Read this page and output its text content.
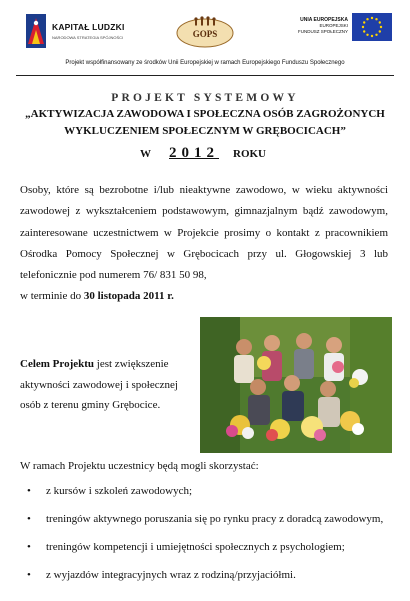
KAPITAŁ LUDZKI
NARODOWA STRATEGIA SPÓJNOŚCI	GOPS
UNIA EUROPEJSKA
EUROPEJSKI
FUNDUSZ SPOŁECZNY
Projekt współfinansowany ze środków Unii Europejskiej w ramach Europejskiego Funduszu Społecznego
PROJEKT SYSTEMOWY
„AKTYWIZACJA ZAWODOWA I SPOŁECZNA OSÓB ZAGROŻONYCH
WYKLUCZENIEM SPOŁECZNYM W GRĘBOCICACH”
W 2012 ROKU
Osoby, które są bezrobotne i/lub nieaktywne zawodowo, w wieku aktywności zawodowej z wykształceniem podstawowym, gimnazjalnym bądź zawodowym, zainteresowane uczestnictwem w Projekcie prosimy o kontakt z pracownikiem Ośrodka Pomocy Społecznej w Grębocicach przy ul. Głogowskiej 3 lub telefonicznie pod numerem 76/ 831 50 98,
w terminie do 30 listopada 2011 r.
Celem Projektu jest zwiększenie aktywności zawodowej i społecznej osób z terenu gminy Grębocice.
W ramach Projektu uczestnicy będą mogli skorzystać:
• z kursów i szkoleń zawodowych;
• treningów aktywnego poruszania się po rynku pracy z doradcą zawodowym,
• treningów kompetencji i umiejętności społecznych z psychologiem;
• z wyjazdów integracyjnych wraz z rodziną/przyjaciółmi.
